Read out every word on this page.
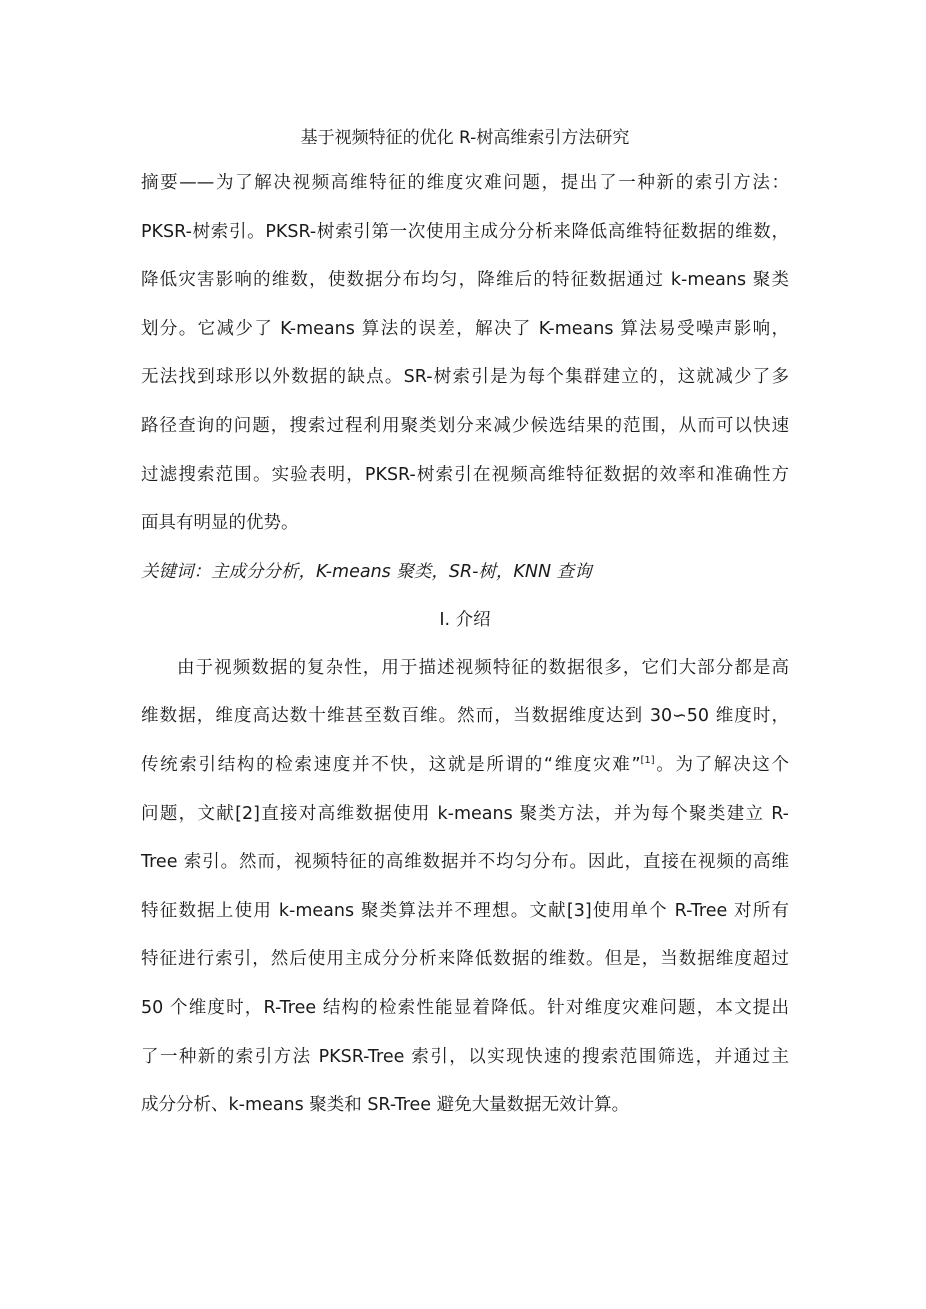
基于视频特征的优化 R-树高维索引方法研究
摘要——为了解决视频高维特征的维度灾难问题，提出了一种新的索引方法：
PKSR-树索引。PKSR-树索引第一次使用主成分分析来降低高维特征数据的维数，
降低灾害影响的维数，使数据分布均匀，降维后的特征数据通过 k-means 聚类
划分。它减少了 K-means 算法的误差，解决了 K-means 算法易受噪声影响，
无法找到球形以外数据的缺点。SR-树索引是为每个集群建立的，这就减少了多
路径查询的问题，搜索过程利用聚类划分来减少候选结果的范围，从而可以快速
过滤搜索范围。实验表明，PKSR-树索引在视频高维特征数据的效率和准确性方
面具有明显的优势。
关键词：主成分分析，K-means 聚类，SR-树，KNN 查询
I. 介绍
由于视频数据的复杂性，用于描述视频特征的数据很多，它们大部分都是高
维数据，维度高达数十维甚至数百维。然而，当数据维度达到 30∽50 维度时，
传统索引结构的检索速度并不快，这就是所谓的“维度灾难”[1]。为了解决这个
问题，文献[2]直接对高维数据使用 k-means 聚类方法，并为每个聚类建立 R-
Tree 索引。然而，视频特征的高维数据并不均匀分布。因此，直接在视频的高维
特征数据上使用 k-means 聚类算法并不理想。文献[3]使用单个 R-Tree 对所有
特征进行索引，然后使用主成分分析来降低数据的维数。但是，当数据维度超过
50 个维度时，R-Tree 结构的检索性能显着降低。针对维度灾难问题，本文提出
了一种新的索引方法 PKSR-Tree 索引，以实现快速的搜索范围筛选，并通过主
成分分析、k-means 聚类和 SR-Tree 避免大量数据无效计算。
